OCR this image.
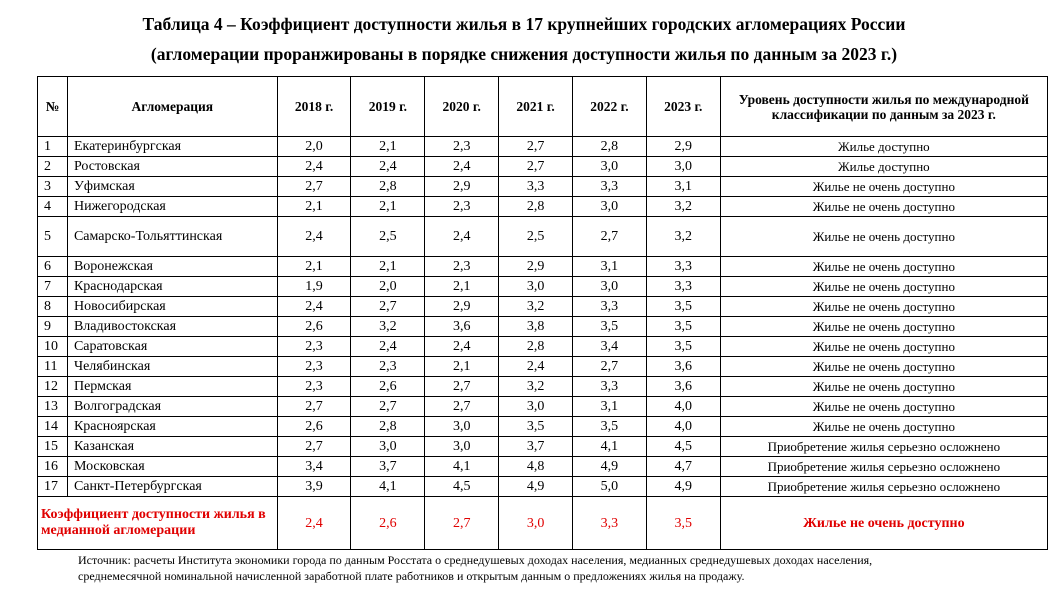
Таблица 4 – Коэффициент доступности жилья в 17 крупнейших городских агломерациях России
(агломерации проранжированы в порядке снижения доступности жилья по данным за 2023 г.)
№	Агломерация	2018 г.	2019 г.	2020 г.	2021 г.	2022 г.	2023 г.	Уровень доступности жилья по международной классификации по данным за 2023 г.
1	Екатеринбургская	2,0	2,1	2,3	2,7	2,8	2,9	Жилье доступно
2	Ростовская	2,4	2,4	2,4	2,7	3,0	3,0	Жилье доступно
3	Уфимская	2,7	2,8	2,9	3,3	3,3	3,1	Жилье не очень доступно
4	Нижегородская	2,1	2,1	2,3	2,8	3,0	3,2	Жилье не очень доступно
5	Самарско-Тольяттинская	2,4	2,5	2,4	2,5	2,7	3,2	Жилье не очень доступно
6	Воронежская	2,1	2,1	2,3	2,9	3,1	3,3	Жилье не очень доступно
7	Краснодарская	1,9	2,0	2,1	3,0	3,0	3,3	Жилье не очень доступно
8	Новосибирская	2,4	2,7	2,9	3,2	3,3	3,5	Жилье не очень доступно
9	Владивостокская	2,6	3,2	3,6	3,8	3,5	3,5	Жилье не очень доступно
10	Саратовская	2,3	2,4	2,4	2,8	3,4	3,5	Жилье не очень доступно
11	Челябинская	2,3	2,3	2,1	2,4	2,7	3,6	Жилье не очень доступно
12	Пермская	2,3	2,6	2,7	3,2	3,3	3,6	Жилье не очень доступно
13	Волгоградская	2,7	2,7	2,7	3,0	3,1	4,0	Жилье не очень доступно
14	Красноярская	2,6	2,8	3,0	3,5	3,5	4,0	Жилье не очень доступно
15	Казанская	2,7	3,0	3,0	3,7	4,1	4,5	Приобретение жилья серьезно осложнено
16	Московская	3,4	3,7	4,1	4,8	4,9	4,7	Приобретение жилья серьезно осложнено
17	Санкт-Петербургская	3,9	4,1	4,5	4,9	5,0	4,9	Приобретение жилья серьезно осложнено
Коэффициент доступности жилья в медианной агломерации		2,4	2,6	2,7	3,0	3,3	3,5	Жилье не очень доступно
Источник: расчеты Института экономики города по данным Росстата о среднедушевых доходах населения, медианных среднедушевых доходах населения,
среднемесячной номинальной начисленной заработной плате работников и открытым данным о предложениях жилья на продажу.
